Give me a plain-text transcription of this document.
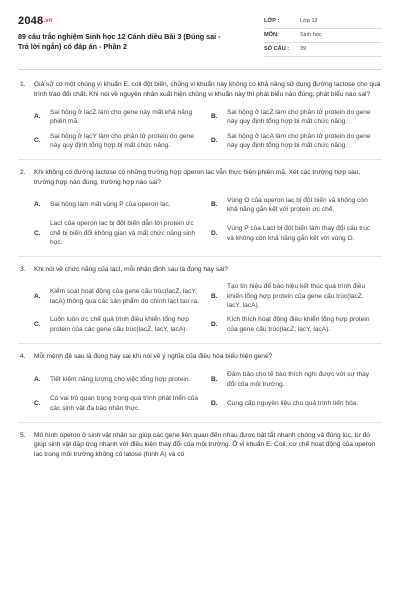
2048.vn
89 câu trắc nghiệm Sinh học 12 Cánh diều Bài 3 (Đúng sai - Trả lời ngắn) có đáp án - Phần 2
LỚP :	Lớp 12
MÔN:	Sinh học
SỐ CÂU :	39
1.	Giả sử có một chủng vi khuẩn E. coli đột biến, chủng vi khuẩn này không có khả năng sử dụng đường lactose cho quá trình trao đổi chất. Khi nói về nguyên nhân xuất hiện chủng vi khuẩn này thì phát biểu nào đúng, phát biểu nào sai?
A.
Sai hỏng ở lacZ làm cho gene này mất khả năng phiên mã.
B.
Sai hỏng ở lacZ làm cho phân tử protein do gene này quy định tổng hợp bị mất chức năng.
C.
Sai hỏng ở lacY làm cho phân tử protein do gene này quy định tổng hợp bị mất chức năng.
D.
Sai hỏng ở lacA làm cho phân tử protein do gene này quy định tổng hợp bị mất chức năng.
2.	Khi không có đường lactose có những trường hợp operon lac vẫn thực hiện phiên mã. Xét các trường hợp sau, trường hợp nào đúng, trường hợp nào sai?
A.	Sai hỏng làm mất vùng P của operon lac.	B.
Vùng O của operon lac bị đột biến và không còn khả năng gắn kết với protein ức chế.
C.
LacI của operon lac bị đột biến dẫn tới protein ức chế bị biến đổi không gian và mất chức năng sinh học.
D.
Vùng P của LacI bị đột biến làm thay đổi cấu trúc và không còn khả năng gắn kết với vùng O.
3.	Khi nói về chức năng của lacI, mỗi nhận định sau là đúng hay sai?
A.
Kiểm soát hoạt động của gene cấu trúc(lacZ, lacY, lacA) thông qua các sản phẩm do chính lacI tạo ra.
B.
Tạo tín hiệu để báo hiệu kết thúc quá trình điều khiển tổng hợp protein của gene cấu trúc(lacZ, lacY, lacA).
C.
Luôn luôn ức chế quá trình điều khiển tổng hợp protein của các gene cấu trúc(lacZ, lacY, lacA).
D.
Kích thích hoạt động điều khiển tổng hợp protein của gene cấu trúc(lacZ, lacY, lacA).
4.	Mỗi mệnh đề sau là đúng hay sai khi nói về ý nghĩa của điều hòa biểu hiện gene?
A.	Tiết kiệm năng lượng cho việc tổng hợp protein.	B.
Đảm bảo cho tế bào thích nghi được với sự thay đổi của môi trường.
C.
Có vai trò quan trọng trong quá trình phát triển của các sinh vật đa bào nhân thực.
D.	Cung cấp nguyên liệu cho quá trình tiến hóa.
5.	Mô hình operon ở sinh vật nhân sơ giúp các gene liên quan đến nhau được bật tắt nhanh chóng và đúng lúc, từ đó giúp sinh vật đáp ứng nhanh với điều kiện thay đổi của môi trường. Ở vi khuẩn E. Coli, cơ chế hoạt động của operon lac trong môi trường không có latose (hình A) và có
